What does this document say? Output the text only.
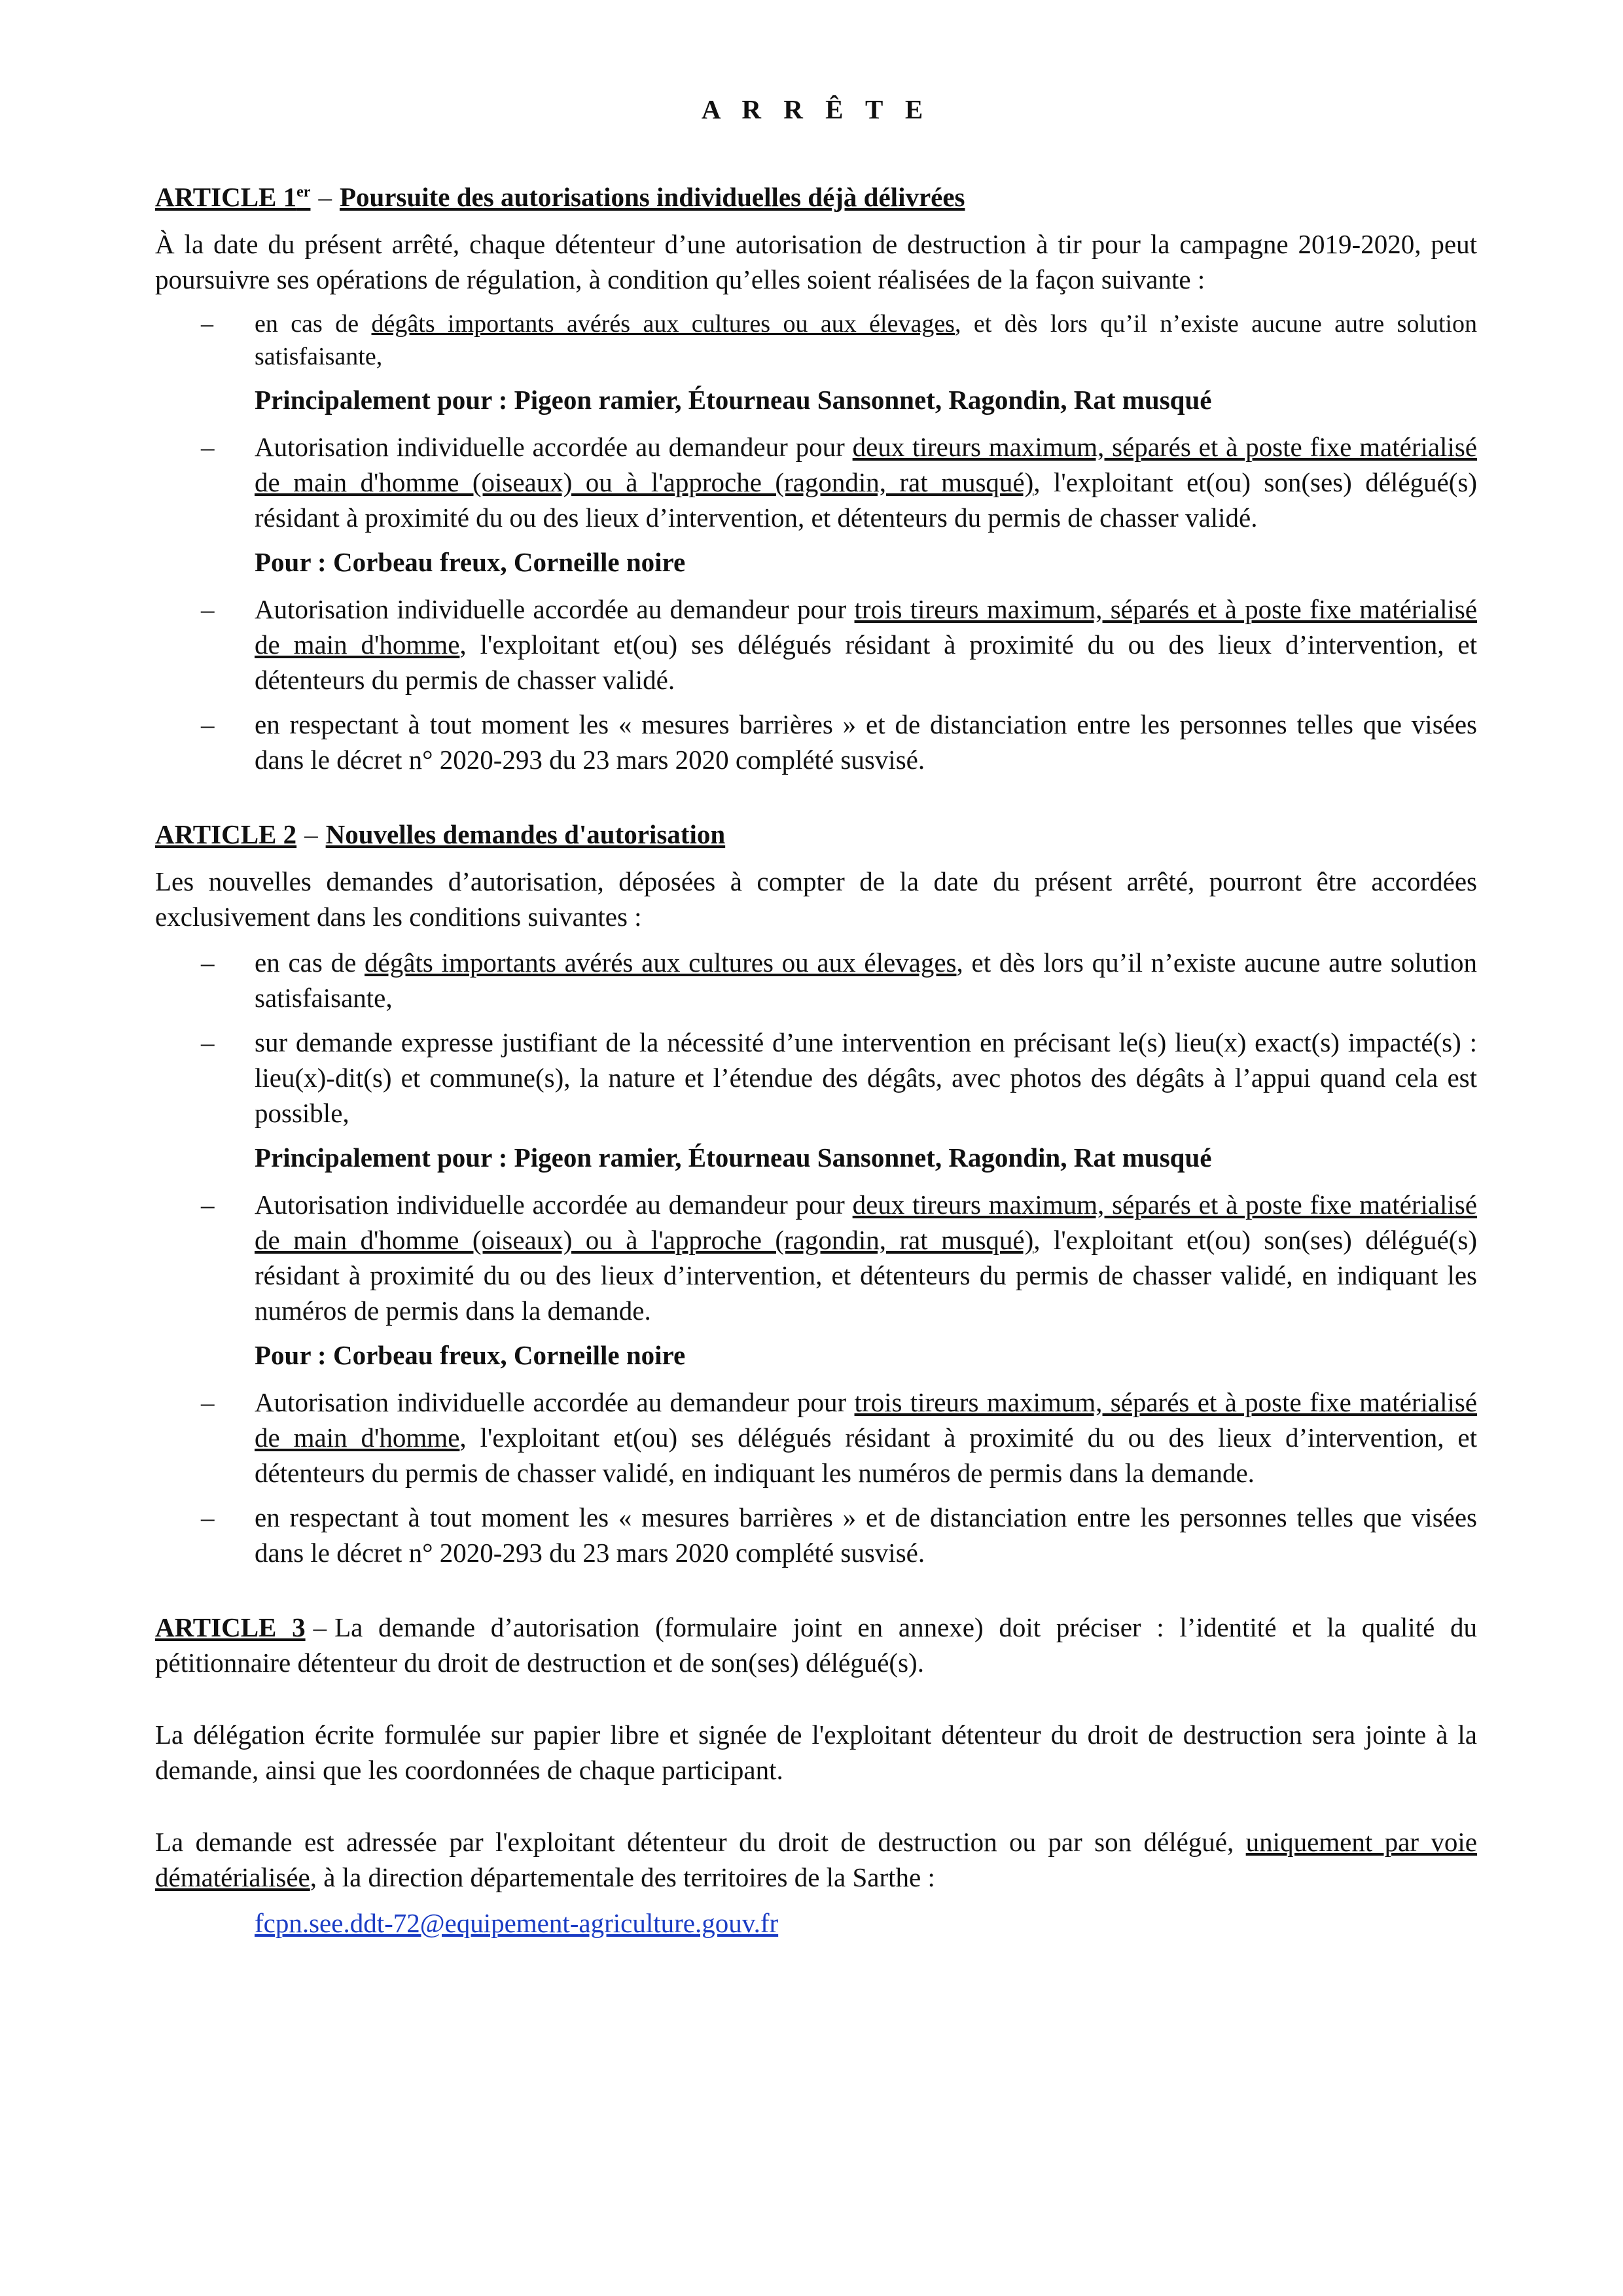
A R R Ê T E
ARTICLE 1er – Poursuite des autorisations individuelles déjà délivrées

À la date du présent arrêté, chaque détenteur d’une autorisation de destruction à tir pour la campagne 2019-2020, peut poursuivre ses opérations de régulation, à condition qu’elles soient réalisées de la façon suivante :

– en cas de dégâts importants avérés aux cultures ou aux élevages, et dès lors qu’il n’existe aucune autre solution satisfaisante,
Principalement pour : Pigeon ramier, Étourneau Sansonnet, Ragondin, Rat musqué
– Autorisation individuelle accordée au demandeur pour deux tireurs maximum, séparés et à poste fixe matérialisé de main d'homme (oiseaux) ou à l'approche (ragondin, rat musqué), l'exploitant et(ou) son(ses) délégué(s) résidant à proximité du ou des lieux d’intervention, et détenteurs du permis de chasser validé.
Pour : Corbeau freux, Corneille noire
– Autorisation individuelle accordée au demandeur pour trois tireurs maximum, séparés et à poste fixe matérialisé de main d'homme, l'exploitant et(ou) ses délégués résidant à proximité du ou des lieux d’intervention, et détenteurs du permis de chasser validé.
– en respectant à tout moment les « mesures barrières » et de distanciation entre les personnes telles que visées dans le décret n° 2020-293 du 23 mars 2020 complété susvisé.
ARTICLE 2 – Nouvelles demandes d'autorisation

Les nouvelles demandes d’autorisation, déposées à compter de la date du présent arrêté, pourront être accordées exclusivement dans les conditions suivantes :

– en cas de dégâts importants avérés aux cultures ou aux élevages, et dès lors qu’il n’existe aucune autre solution satisfaisante,
– sur demande expresse justifiant de la nécessité d’une intervention en précisant le(s) lieu(x) exact(s) impacté(s) : lieu(x)-dit(s) et commune(s), la nature et l’étendue des dégâts, avec photos des dégâts à l’appui quand cela est possible,
Principalement pour : Pigeon ramier, Étourneau Sansonnet, Ragondin, Rat musqué
– Autorisation individuelle accordée au demandeur pour deux tireurs maximum, séparés et à poste fixe matérialisé de main d'homme (oiseaux) ou à l'approche (ragondin, rat musqué), l'exploitant et(ou) son(ses) délégué(s) résidant à proximité du ou des lieux d’intervention, et détenteurs du permis de chasser validé, en indiquant les numéros de permis dans la demande.
Pour : Corbeau freux, Corneille noire
– Autorisation individuelle accordée au demandeur pour trois tireurs maximum, séparés et à poste fixe matérialisé de main d'homme, l'exploitant et(ou) ses délégués résidant à proximité du ou des lieux d’intervention, et détenteurs du permis de chasser validé, en indiquant les numéros de permis dans la demande.
– en respectant à tout moment les « mesures barrières » et de distanciation entre les personnes telles que visées dans le décret n° 2020-293 du 23 mars 2020 complété susvisé.

ARTICLE 3 – La demande d’autorisation (formulaire joint en annexe) doit préciser : l’identité et la qualité du pétitionnaire détenteur du droit de destruction et de son(ses) délégué(s).

La délégation écrite formulée sur papier libre et signée de l'exploitant détenteur du droit de destruction sera jointe à la demande, ainsi que les coordonnées de chaque participant.

La demande est adressée par l'exploitant détenteur du droit de destruction ou par son délégué, uniquement par voie dématérialisée, à la direction départementale des territoires de la Sarthe :

fcpn.see.ddt-72@equipement-agriculture.gouv.fr
